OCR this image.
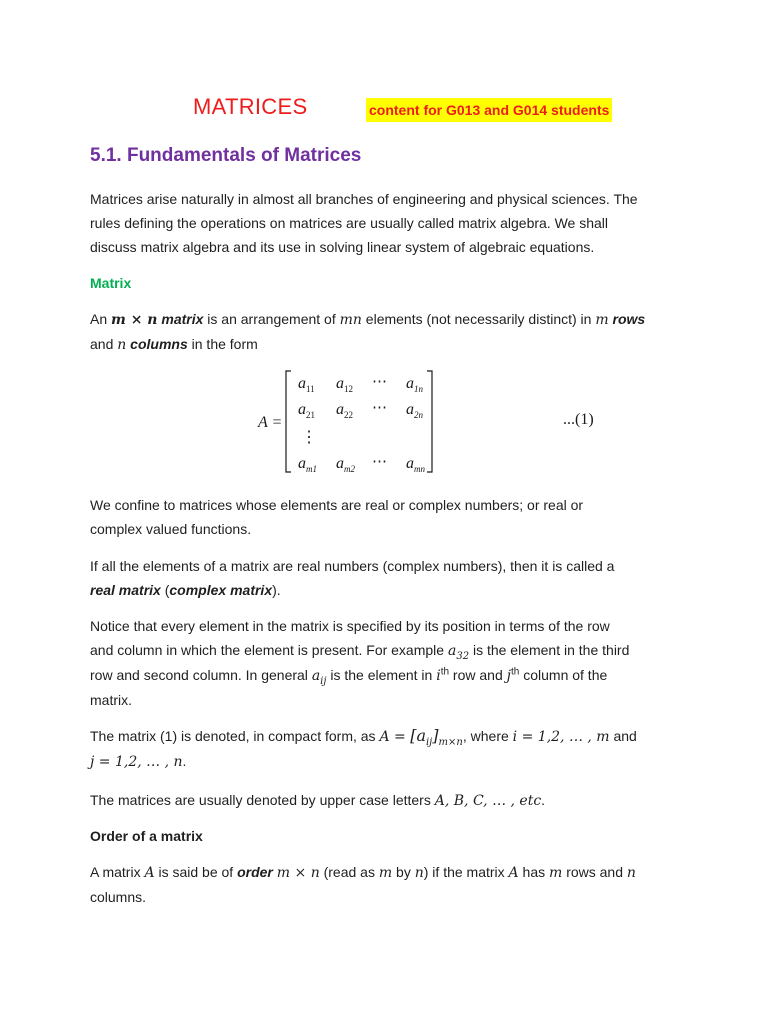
MATRICES	content for G013 and G014 students
5.1. Fundamentals of Matrices
Matrices arise naturally in almost all branches of engineering and physical sciences. The
rules defining the operations on matrices are usually called matrix algebra. We shall
discuss matrix algebra and its use in solving linear system of algebraic equations.
Matrix
An m × n matrix is an arrangement of mn elements (not necessarily distinct) in m rows
and n columns in the form
A =
$a_{11}$ $a_{12}$ ⋯ $a_{1n}$
$a_{21}$ $a_{22}$ ⋯ $a_{2n}$
⋮
$a_{m1}$ $a_{m2}$ ⋯ $a_{mn}$
...(1)
We confine to matrices whose elements are real or complex numbers; or real or
complex valued functions.
If all the elements of a matrix are real numbers (complex numbers), then it is called a
real matrix (complex matrix).
Notice that every element in the matrix is specified by its position in terms of the row
and column in which the element is present. For example $a_{32}$ is the element in the third
row and second column. In general $a_{ij}$ is the element in $i^{th}$ row and $j^{th}$ column of the
matrix.
The matrix (1) is denoted, in compact form, as $A = [a_{ij}]_{m\times n}$, where i = 1,2, … , m and
j = 1,2, … , n.
The matrices are usually denoted by upper case letters A, B, C, … , etc.
Order of a matrix
A matrix A is said be of order m × n (read as m by n) if the matrix A has m rows and n
columns.
